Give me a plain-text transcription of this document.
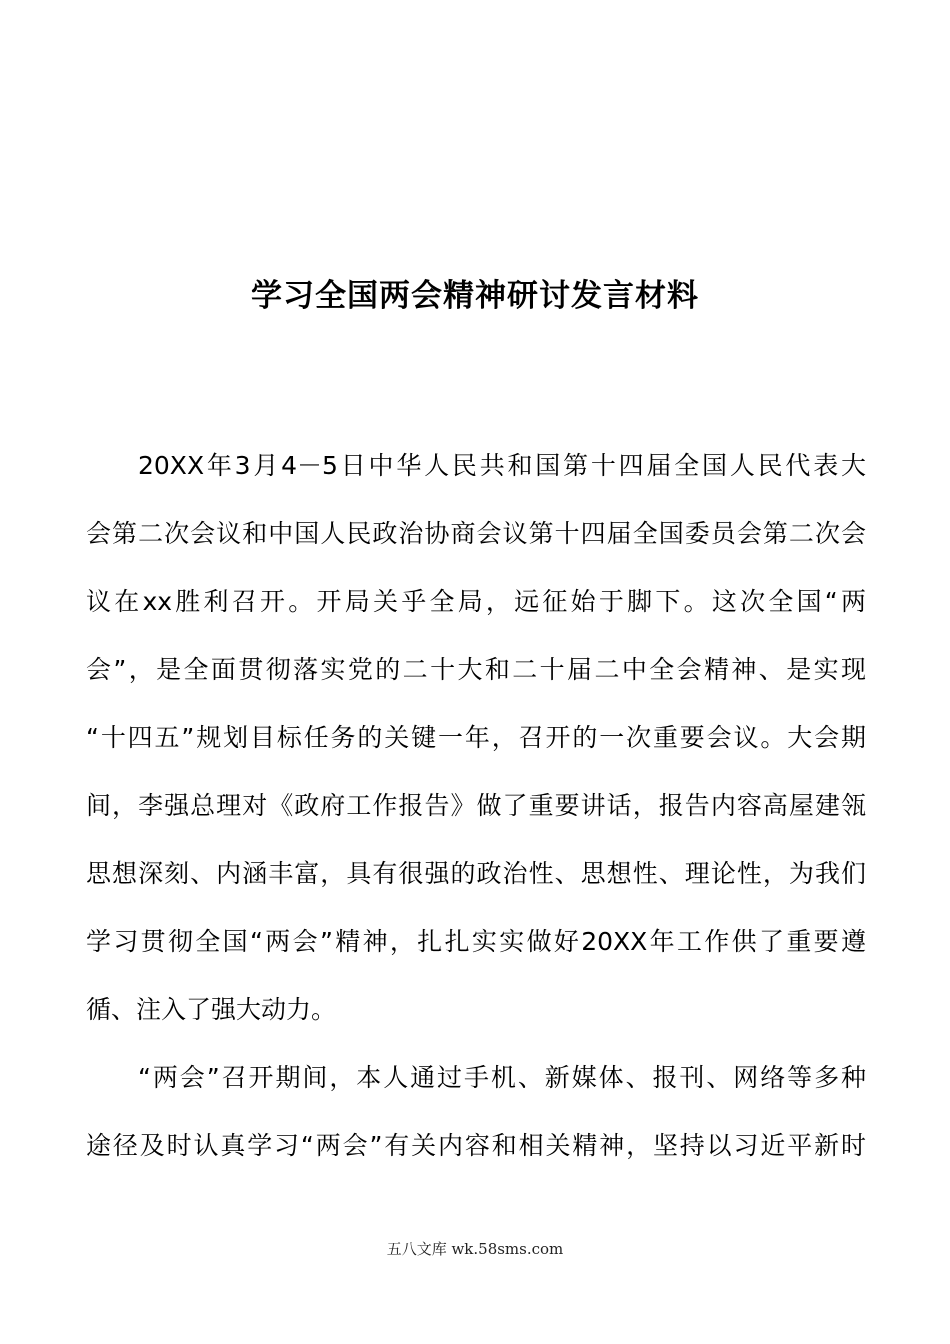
学习全国两会精神研讨发言材料
20XX年3月4－5日中华人民共和国第十四届全国人民代表大
会第二次会议和中国人民政治协商会议第十四届全国委员会第二次会
议在xx胜利召开。开局关乎全局，远征始于脚下。这次全国“两
会”，是全面贯彻落实党的二十大和二十届二中全会精神、是实现
“十四五”规划目标任务的关键一年，召开的一次重要会议。大会期
间，李强总理对《政府工作报告》做了重要讲话，报告内容高屋建瓴
思想深刻、内涵丰富，具有很强的政治性、思想性、理论性，为我们
学习贯彻全国“两会”精神，扎扎实实做好20XX年工作供了重要遵
循、注入了强大动力。
“两会”召开期间，本人通过手机、新媒体、报刊、网络等多种
途径及时认真学习“两会”有关内容和相关精神，坚持以习近平新时
五八文库 wk.58sms.com
